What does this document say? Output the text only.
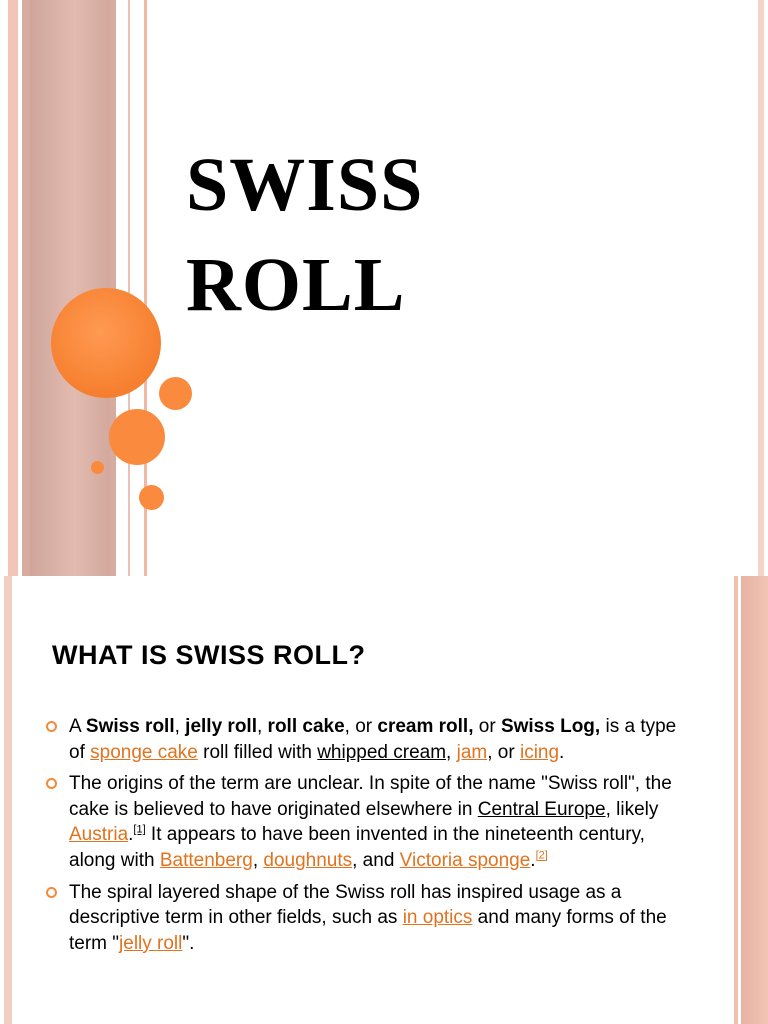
SWISS
ROLL
WHAT IS SWISS ROLL?
A Swiss roll, jelly roll, roll cake, or cream roll, or Swiss Log, is a type of sponge cake roll filled with whipped cream, jam, or icing.
The origins of the term are unclear. In spite of the name "Swiss roll", the cake is believed to have originated elsewhere in Central Europe, likely Austria.[1] It appears to have been invented in the nineteenth century, along with Battenberg, doughnuts, and Victoria sponge.[2]
The spiral layered shape of the Swiss roll has inspired usage as a descriptive term in other fields, such as in optics and many forms of the term "jelly roll".
